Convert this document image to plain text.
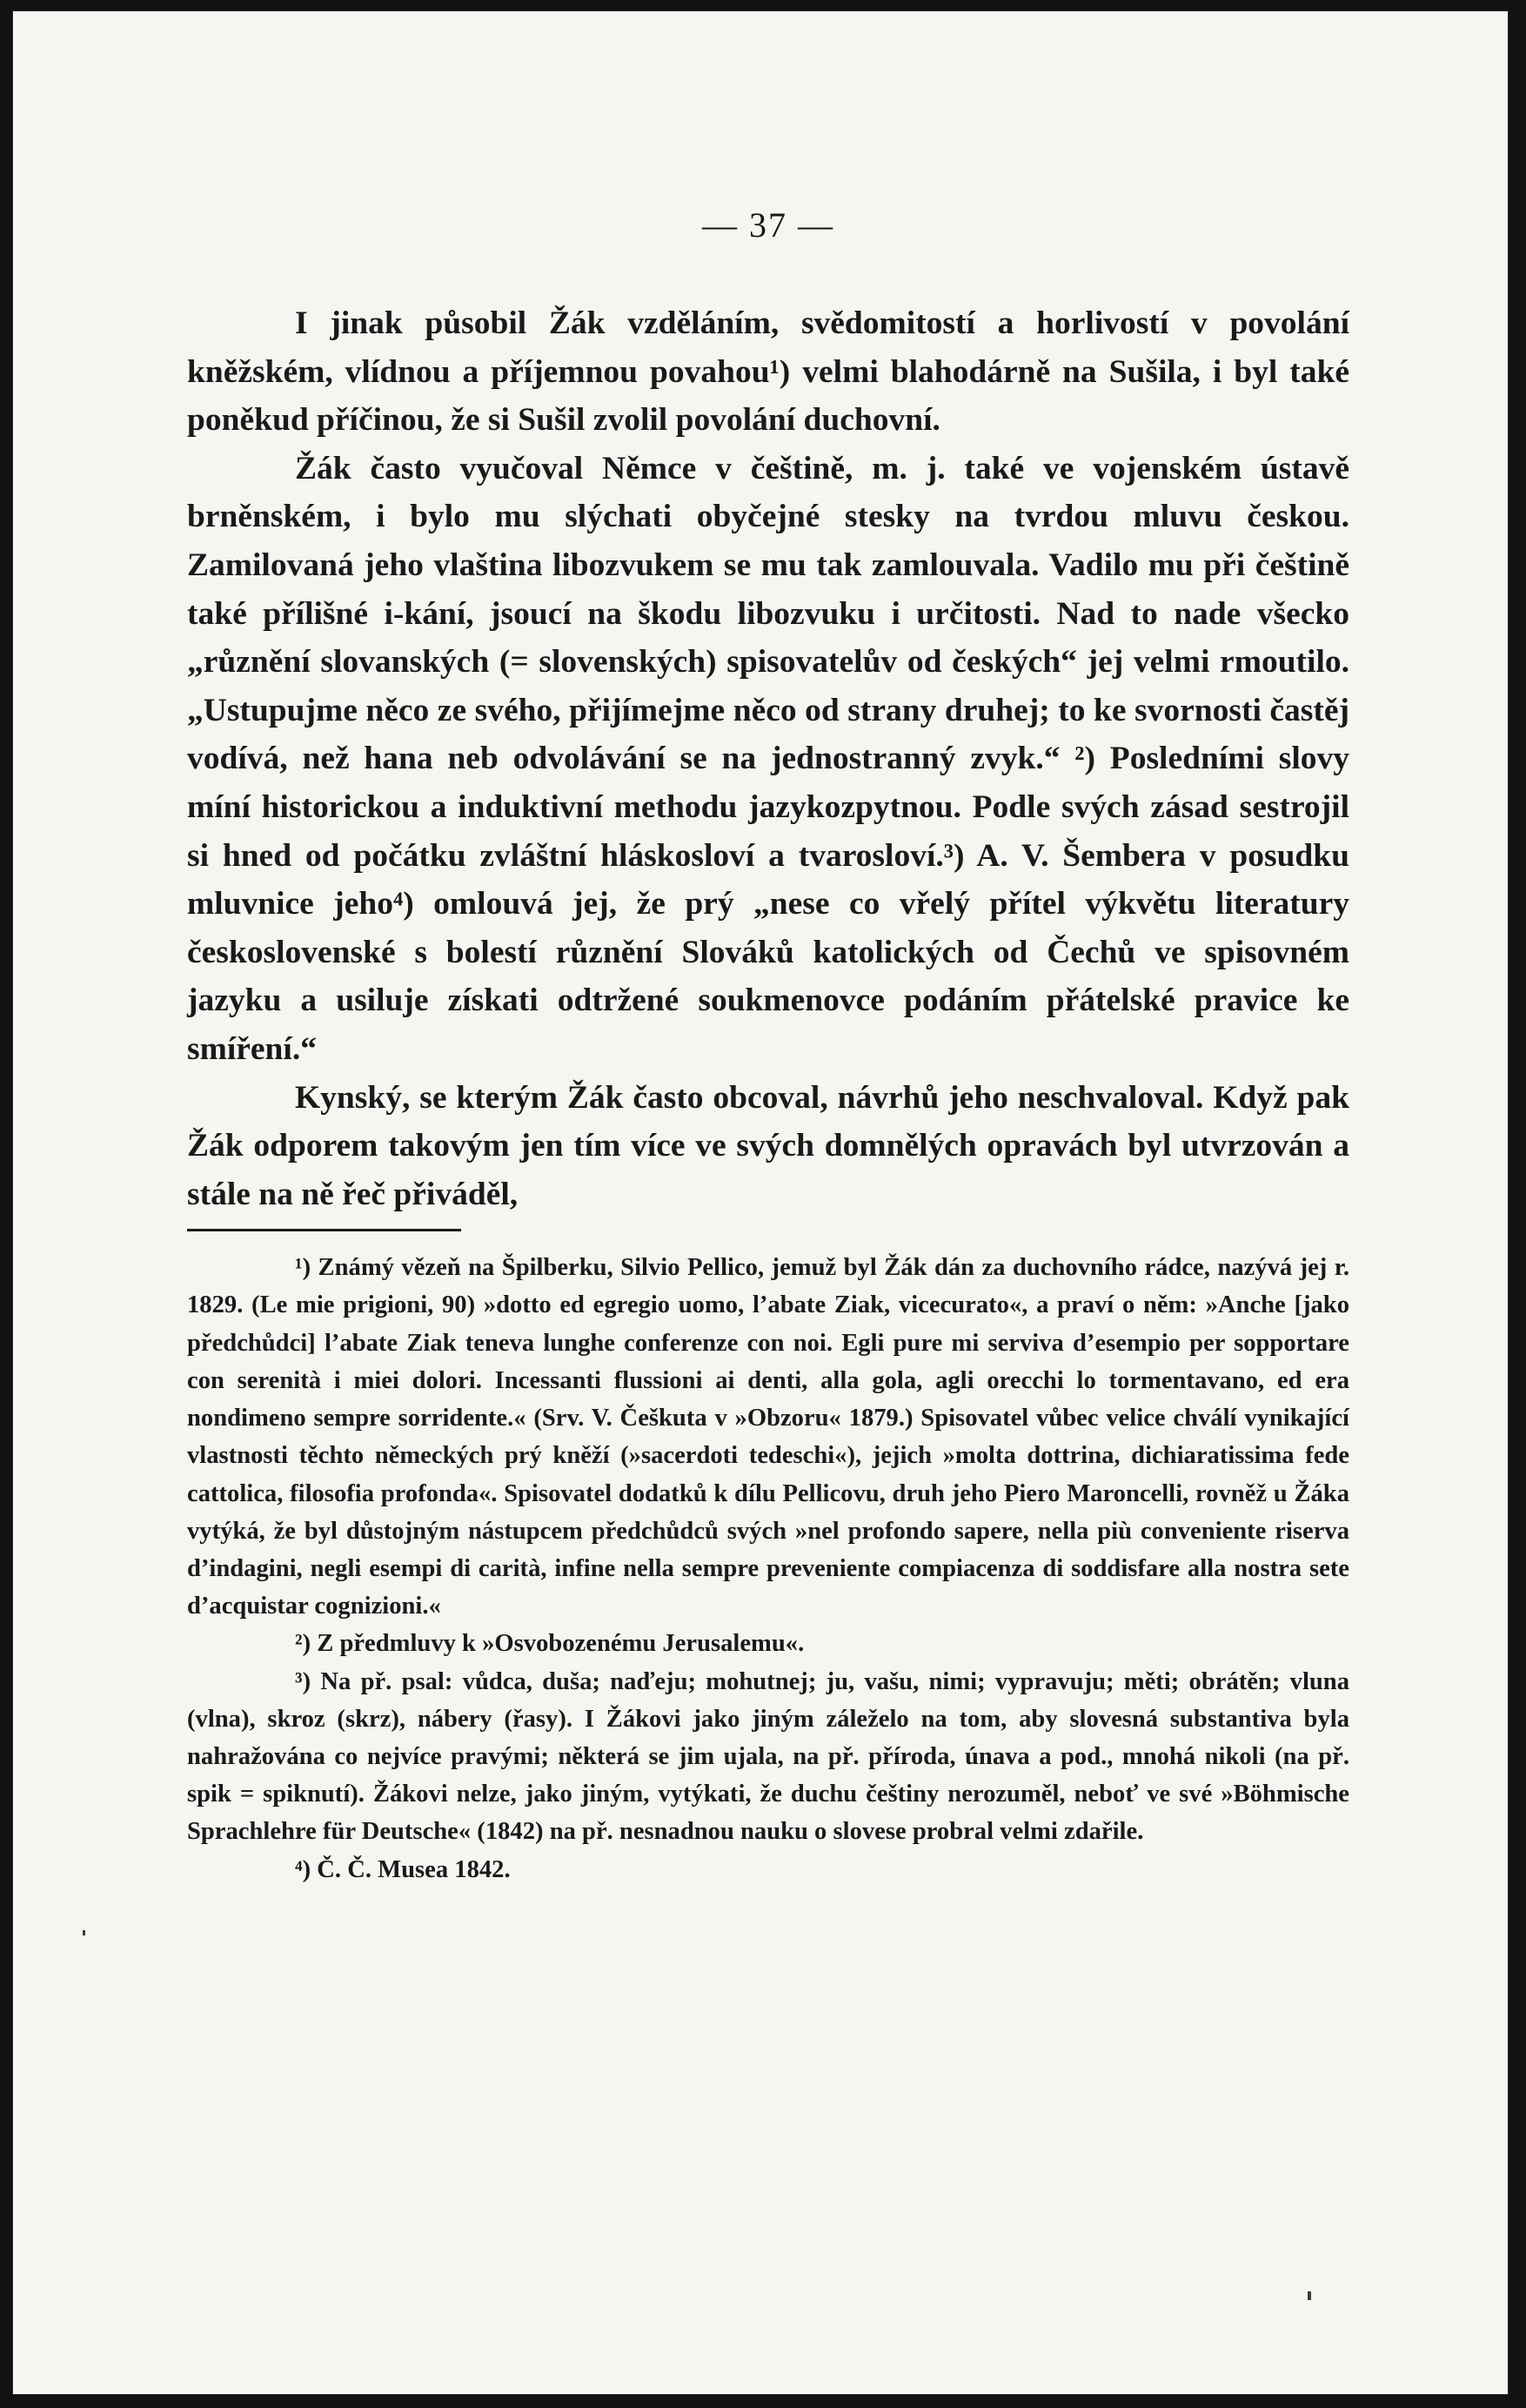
— 37 —

I jinak působil Žák vzděláním, svědomitostí a horlivostí v povolání kněžském, vlídnou a příjemnou povahou¹) velmi blahodárně na Sušila, i byl také poněkud příčinou, že si Sušil zvolil povolání duchovní.

Žák často vyučoval Němce v češtině, m. j. také ve vojenském ústavě brněnském, i bylo mu slýchati obyčejné stesky na tvrdou mluvu českou. Zamilovaná jeho vlaština libozvukem se mu tak zamlouvala. Vadilo mu při češtině také přílišné i-kání, jsoucí na škodu libozvuku i určitosti. Nad to nade všecko „různění slovanských (= slovenských) spisovatelův od českých“ jej velmi rmoutilo. „Ustupujme něco ze svého, přijímejme něco od strany druhej; to ke svornosti častěj vodívá, než hana neb odvolávání se na jednostranný zvyk.“ ²) Posledními slovy míní historickou a induktivní methodu jazykozpytnou. Podle svých zásad sestrojil si hned od počátku zvláštní hláskosloví a tvarosloví.³) A. V. Šembera v posudku mluvnice jeho⁴) omlouvá jej, že prý „nese co vřelý přítel výkvětu literatury československé s bolestí různění Slováků katolických od Čechů ve spisovném jazyku a usiluje získati odtržené soukmenovce podáním přátelské pravice ke smíření.“

Kynský, se kterým Žák často obcoval, návrhů jeho neschvaloval. Když pak Žák odporem takovým jen tím více ve svých domnělých opravách byl utvrzován a stále na ně řeč přiváděl,

¹) Známý vězeň na Špilberku, Silvio Pellico, jemuž byl Žák dán za duchovního rádce, nazývá jej r. 1829. (Le mie prigioni, 90) »dotto ed egregio uomo, l’abate Ziak, vicecurato«, a praví o něm: »Anche [jako předchůdci] l’abate Ziak teneva lunghe conferenze con noi. Egli pure mi serviva d’esempio per sopportare con serenità i miei dolori. Incessanti flussioni ai denti, alla gola, agli orecchi lo tormentavano, ed era nondimeno sempre sorridente.« (Srv. V. Češkuta v »Obzoru« 1879.) Spisovatel vůbec velice chválí vynikající vlastnosti těchto německých prý kněží (»sacerdoti tedeschi«), jejich »molta dottrina, dichiaratissima fede cattolica, filosofia profonda«. Spisovatel dodatků k dílu Pellicovu, druh jeho Piero Maroncelli, rovněž u Žáka vytýká, že byl důstojným nástupcem předchůdců svých »nel profondo sapere, nella più conveniente riserva d’indagini, negli esempi di carità, infine nella sempre preveniente compiacenza di soddisfare alla nostra sete d’acquistar cognizioni.«

²) Z předmluvy k »Osvobozenému Jerusalemu«.

³) Na př. psal: vůdca, duša; naďeju; mohutnej; ju, vašu, nimi; vypravuju; měti; obrátěn; vluna (vlna), skroz (skrz), nábery (řasy). I Žákovi jako jiným záleželo na tom, aby slovesná substantiva byla nahražována co nejvíce pravými; některá se jim ujala, na př. příroda, únava a pod., mnohá nikoli (na př. spik = spiknutí). Žákovi nelze, jako jiným, vytýkati, že duchu češtiny nerozuměl, neboť ve své »Böhmische Sprachlehre für Deutsche« (1842) na př. nesnadnou nauku o slovese probral velmi zdařile.

⁴) Č. Č. Musea 1842.
